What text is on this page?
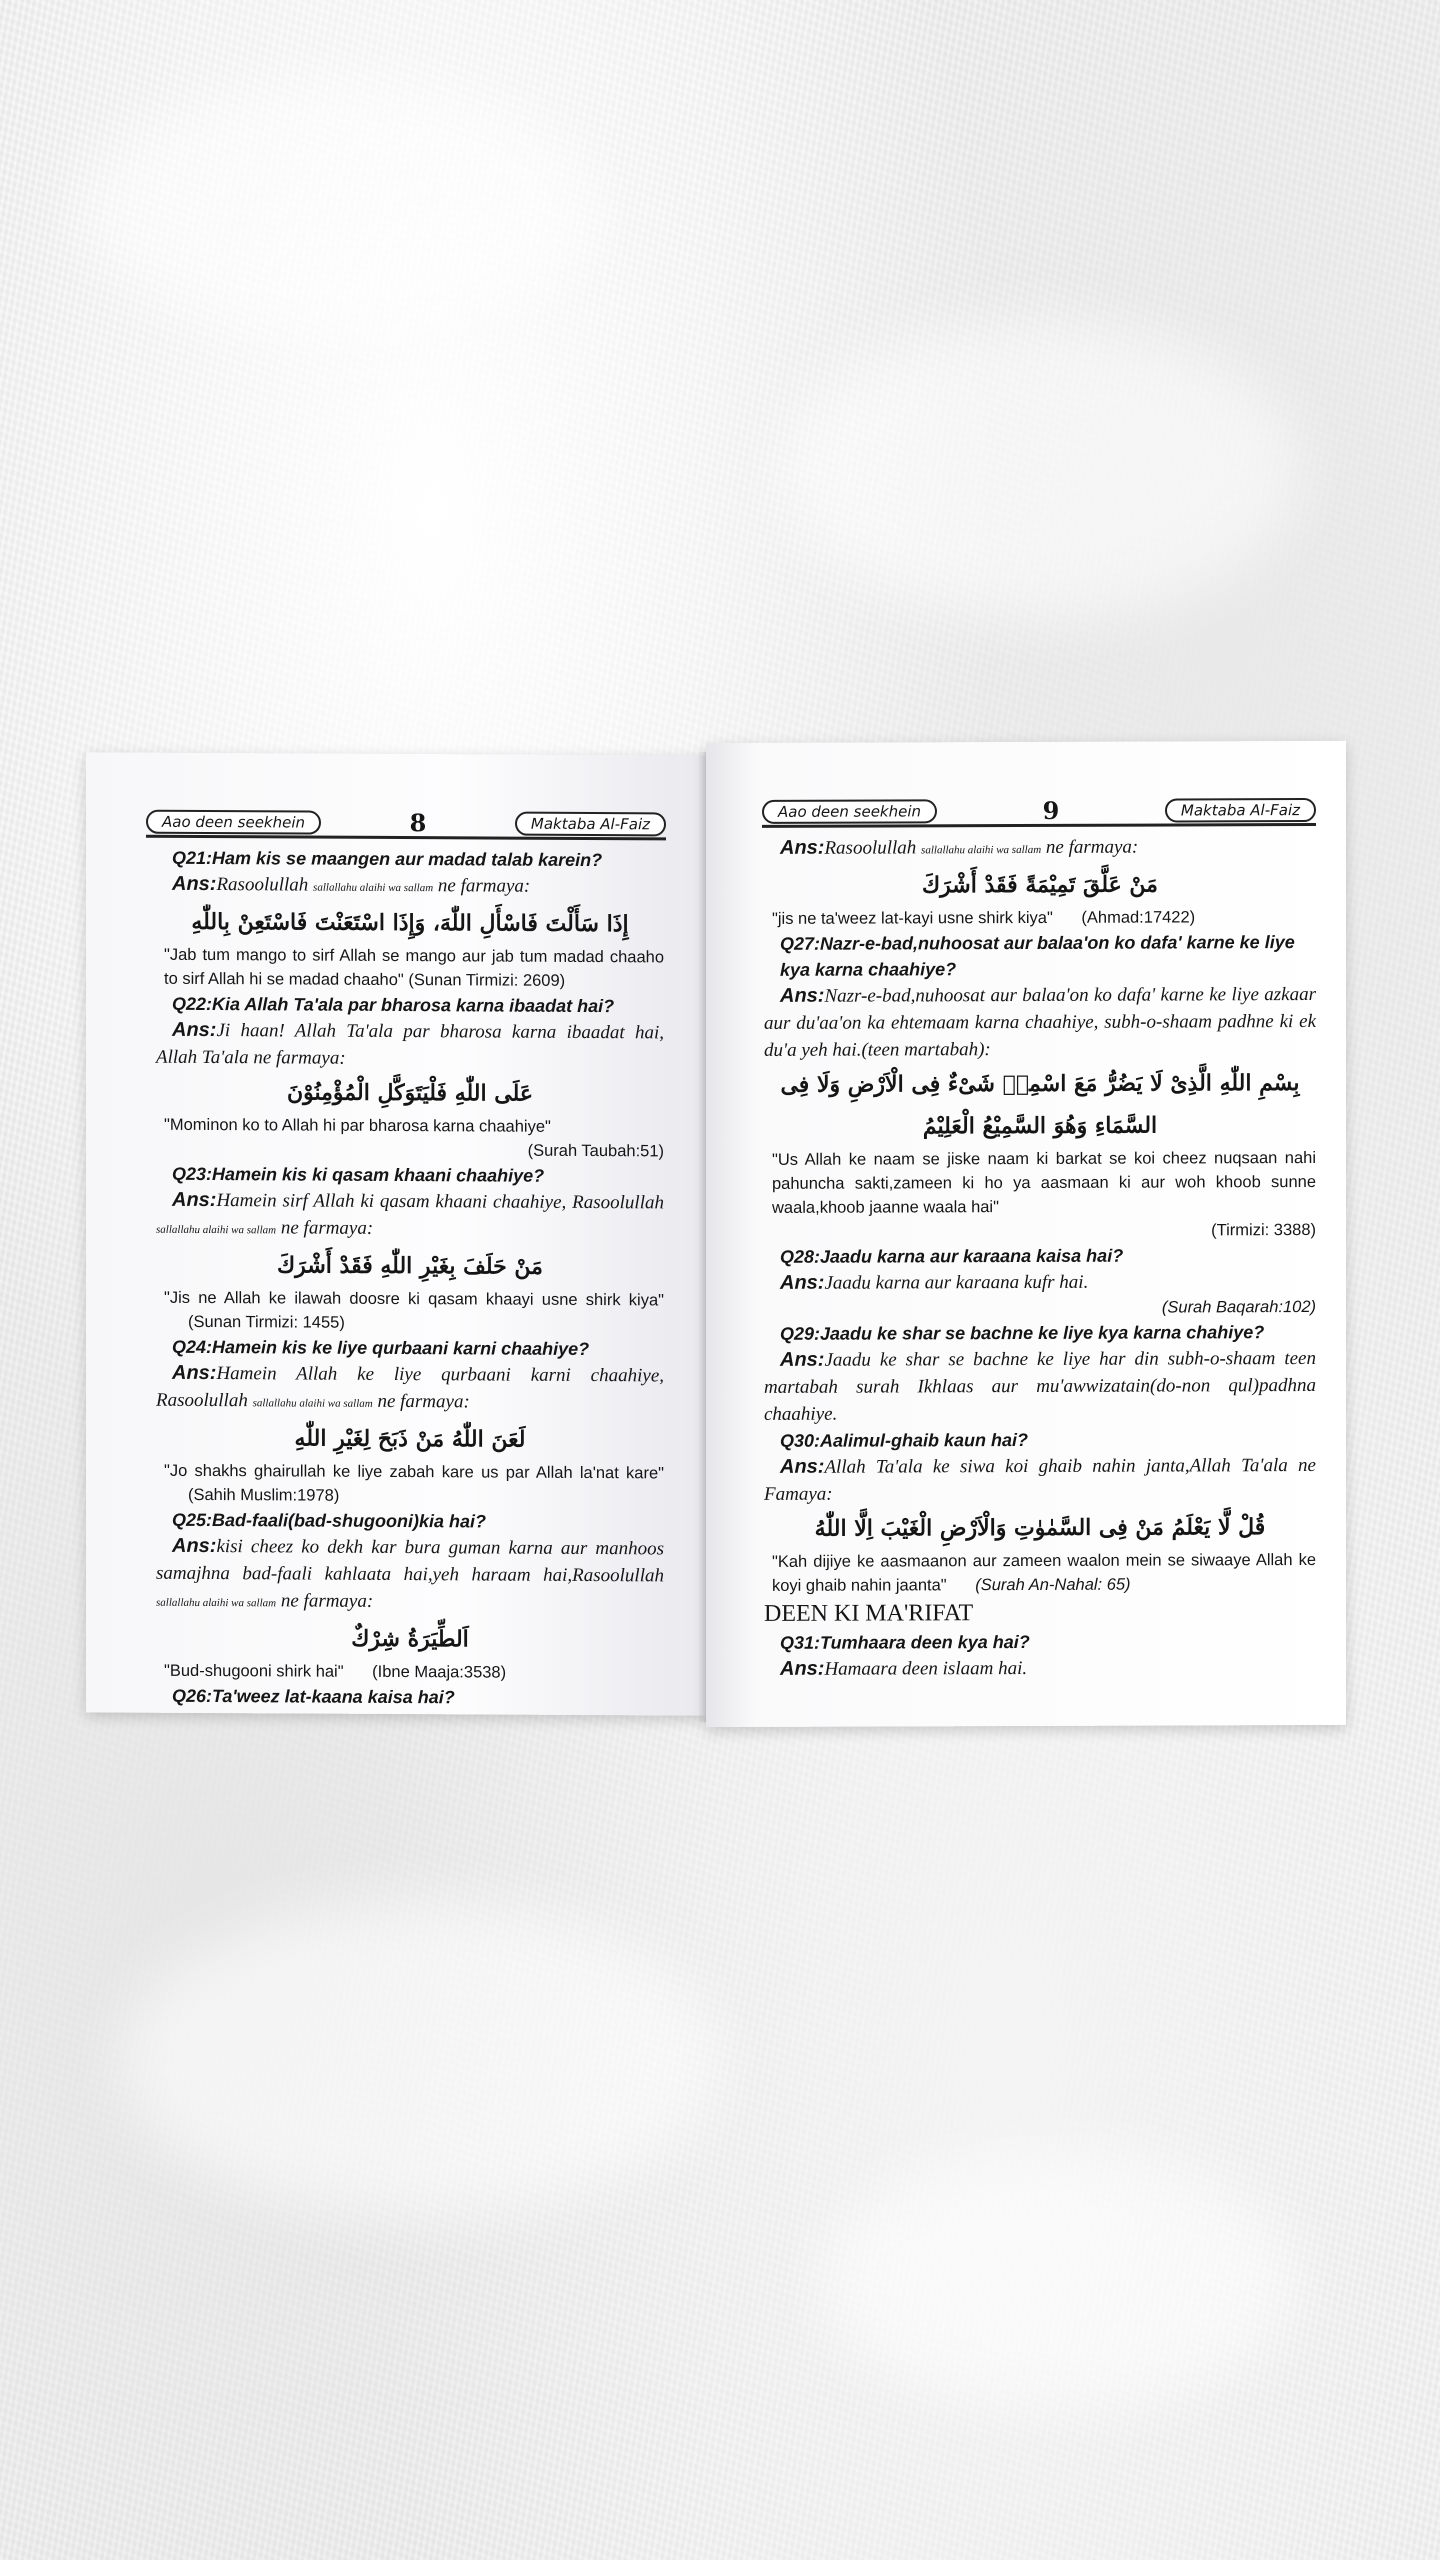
Aao deen seekhein	8	Maktaba Al-Faiz
Q21:Ham kis se maangen aur madad talab karein?
Ans:Rasoolullah sallallahu alaihi wa sallam ne farmaya:
إِذَا سَأَلْتَ فَاسْأَلِ اللّٰهَ، وَإِذَا اسْتَعَنْتَ فَاسْتَعِنْ بِاللّٰهِ
"Jab tum mango to sirf Allah se mango aur jab tum madad chaaho to sirf Allah hi se madad chaaho" (Sunan Tirmizi: 2609)
Q22:Kia Allah Ta'ala par bharosa karna ibaadat hai?
Ans:Ji haan! Allah Ta'ala par bharosa karna ibaadat hai, Allah Ta'ala ne farmaya:
عَلَى اللّٰهِ فَلْيَتَوَكَّلِ الْمُؤْمِنُوْنَ
"Mominon ko to Allah hi par bharosa karna chaahiye"
(Surah Taubah:51)
Q23:Hamein kis ki qasam khaani chaahiye?
Ans:Hamein sirf Allah ki qasam khaani chaahiye, Rasoolullah sallallahu alaihi wa sallam ne farmaya:
مَنْ حَلَفَ بِغَيْرِ اللّٰهِ فَقَدْ أَشْرَكَ
"Jis ne Allah ke ilawah doosre ki qasam khaayi usne shirk kiya" (Sunan Tirmizi: 1455)
Q24:Hamein kis ke liye qurbaani karni chaahiye?
Ans:Hamein Allah ke liye qurbaani karni chaahiye, Rasoolullah sallallahu alaihi wa sallam ne farmaya:
لَعَنَ اللّٰهُ مَنْ ذَبَحَ لِغَيْرِ اللّٰهِ
"Jo shakhs ghairullah ke liye zabah kare us par Allah la'nat kare" (Sahih Muslim:1978)
Q25:Bad-faali(bad-shugooni)kia hai?
Ans:kisi cheez ko dekh kar bura guman karna aur manhoos samajhna bad-faali kahlaata hai,yeh haraam hai,Rasoolullah sallallahu alaihi wa sallam ne farmaya:
اَلطِّيَرَةُ شِرْكٌ
"Bud-shugooni shirk hai" (Ibne Maaja:3538)
Q26:Ta'weez lat-kaana kaisa hai?
Aao deen seekhein	9	Maktaba Al-Faiz
Ans:Rasoolullah sallallahu alaihi wa sallam ne farmaya:
مَنْ عَلَّقَ تَمِيْمَةً فَقَدْ أَشْرَكَ
"jis ne ta'weez lat-kayi usne shirk kiya" (Ahmad:17422)
Q27:Nazr-e-bad,nuhoosat aur balaa'on ko dafa' karne ke liye kya karna chaahiye?
Ans:Nazr-e-bad,nuhoosat aur balaa'on ko dafa' karne ke liye azkaar aur du'aa'on ka ehtemaam karna chaahiye, subh-o-shaam padhne ki ek du'a yeh hai.(teen martabah):
بِسْمِ اللّٰهِ الَّذِىْ لَا يَضُرُّ مَعَ اسْمِهٖ شَىْءٌ فِى الْاَرْضِ وَلَا فِى السَّمَاءِ وَهُوَ السَّمِيْعُ الْعَلِيْمُ
"Us Allah ke naam se jiske naam ki barkat se koi cheez nuqsaan nahi pahuncha sakti,zameen ki ho ya aasmaan ki aur woh khoob sunne waala,khoob jaanne waala hai"
(Tirmizi: 3388)
Q28:Jaadu karna aur karaana kaisa hai?
Ans:Jaadu karna aur karaana kufr hai.
(Surah Baqarah:102)
Q29:Jaadu ke shar se bachne ke liye kya karna chahiye?
Ans:Jaadu ke shar se bachne ke liye har din subh-o-shaam teen martabah surah Ikhlaas aur mu'awwizatain(do-non qul)padhna chaahiye.
Q30:Aalimul-ghaib kaun hai?
Ans:Allah Ta'ala ke siwa koi ghaib nahin janta,Allah Ta'ala ne Famaya:
قُلْ لَّا يَعْلَمُ مَنْ فِى السَّمٰوٰتِ وَالْاَرْضِ الْغَيْبَ اِلَّا اللّٰهُ
"Kah dijiye ke aasmaanon aur zameen waalon mein se siwaaye Allah ke koyi ghaib nahin jaanta" (Surah An-Nahal: 65)
DEEN KI MA'RIFAT
Q31:Tumhaara deen kya hai?
Ans:Hamaara deen islaam hai.
